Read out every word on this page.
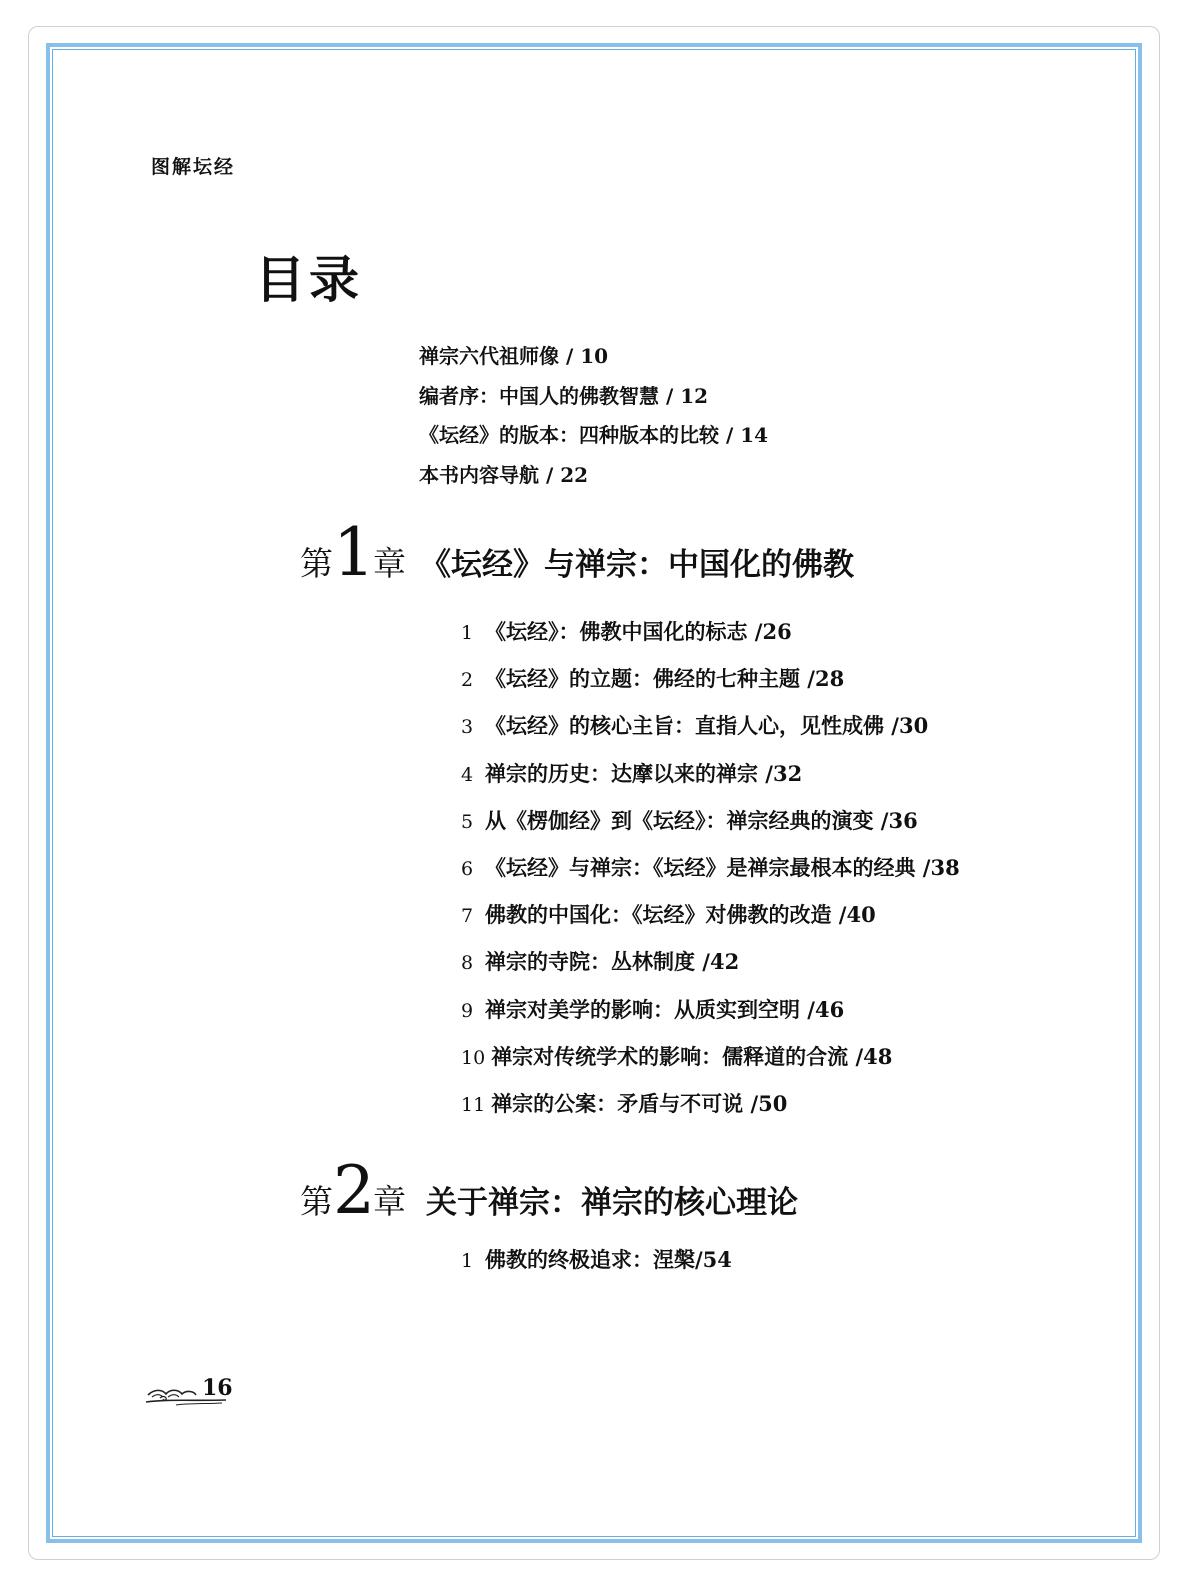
图解坛经
目录
禅宗六代祖师像 / 10
编者序：中国人的佛教智慧 / 12
《坛经》的版本：四种版本的比较 / 14
本书内容导航 / 22
第1章 《坛经》与禅宗：中国化的佛教
1 《坛经》：佛教中国化的标志 /26
2 《坛经》的立题：佛经的七种主题 /28
3 《坛经》的核心主旨：直指人心，见性成佛 /30
4 禅宗的历史：达摩以来的禅宗 /32
5 从《楞伽经》到《坛经》：禅宗经典的演变 /36
6 《坛经》与禅宗：《坛经》是禅宗最根本的经典 /38
7 佛教的中国化：《坛经》对佛教的改造 /40
8 禅宗的寺院：丛林制度 /42
9 禅宗对美学的影响：从质实到空明 /46
10 禅宗对传统学术的影响：儒释道的合流 /48
11 禅宗的公案：矛盾与不可说 /50
第2章 关于禅宗：禅宗的核心理论
1 佛教的终极追求：涅槃/54
16
